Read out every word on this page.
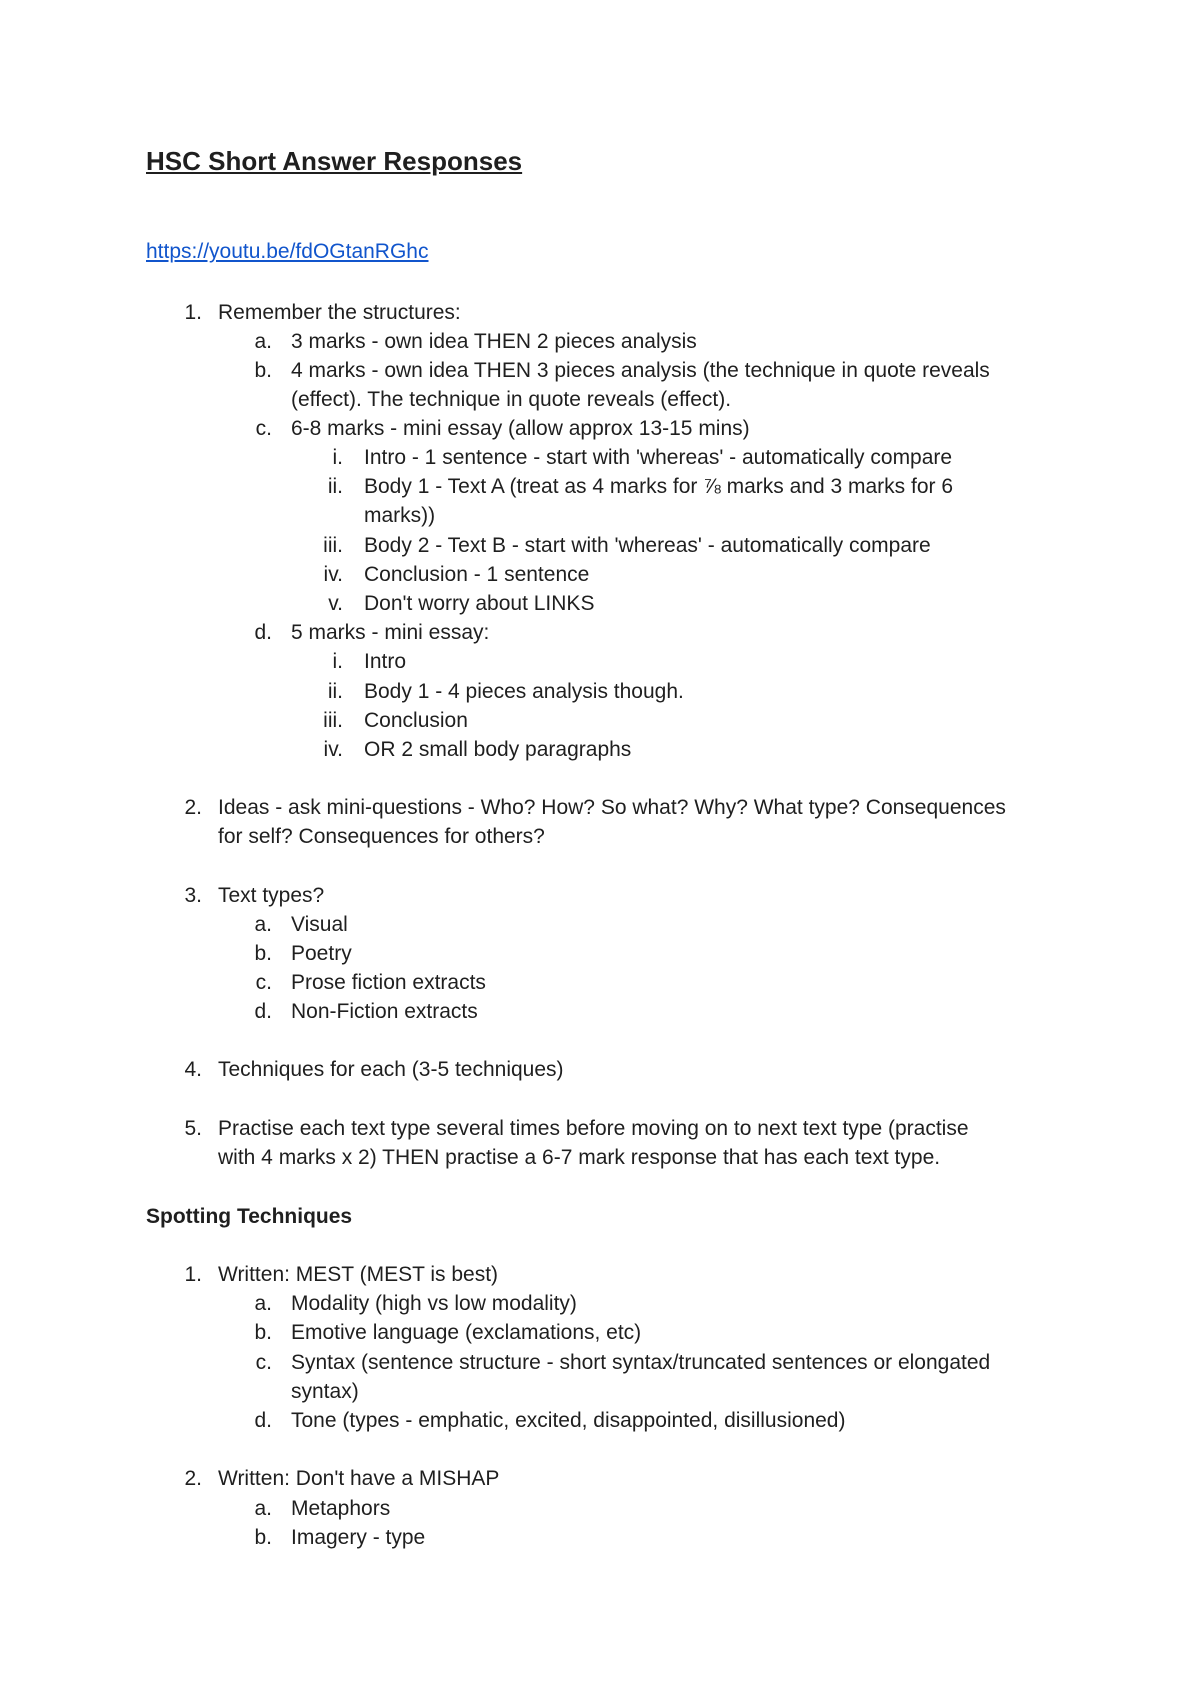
HSC Short Answer Responses
https://youtu.be/fdOGtanRGhc
1. Remember the structures:
a. 3 marks - own idea THEN 2 pieces analysis
b. 4 marks - own idea THEN 3 pieces analysis (the technique in quote reveals
(effect). The technique in quote reveals (effect).
c. 6-8 marks - mini essay (allow approx 13-15 mins)
i. Intro - 1 sentence - start with 'whereas' - automatically compare
ii. Body 1 - Text A (treat as 4 marks for ⅞ marks and 3 marks for 6
marks))
iii. Body 2 - Text B - start with 'whereas' - automatically compare
iv. Conclusion - 1 sentence
v. Don't worry about LINKS
d. 5 marks - mini essay:
i. Intro
ii. Body 1 - 4 pieces analysis though.
iii. Conclusion
iv. OR 2 small body paragraphs
2. Ideas - ask mini-questions - Who? How? So what? Why? What type? Consequences
for self? Consequences for others?
3. Text types?
a. Visual
b. Poetry
c. Prose fiction extracts
d. Non-Fiction extracts
4. Techniques for each (3-5 techniques)
5. Practise each text type several times before moving on to next text type (practise
with 4 marks x 2) THEN practise a 6-7 mark response that has each text type.
Spotting Techniques
1. Written: MEST (MEST is best)
a. Modality (high vs low modality)
b. Emotive language (exclamations, etc)
c. Syntax (sentence structure - short syntax/truncated sentences or elongated
syntax)
d. Tone (types - emphatic, excited, disappointed, disillusioned)
2. Written: Don't have a MISHAP
a. Metaphors
b. Imagery - type
